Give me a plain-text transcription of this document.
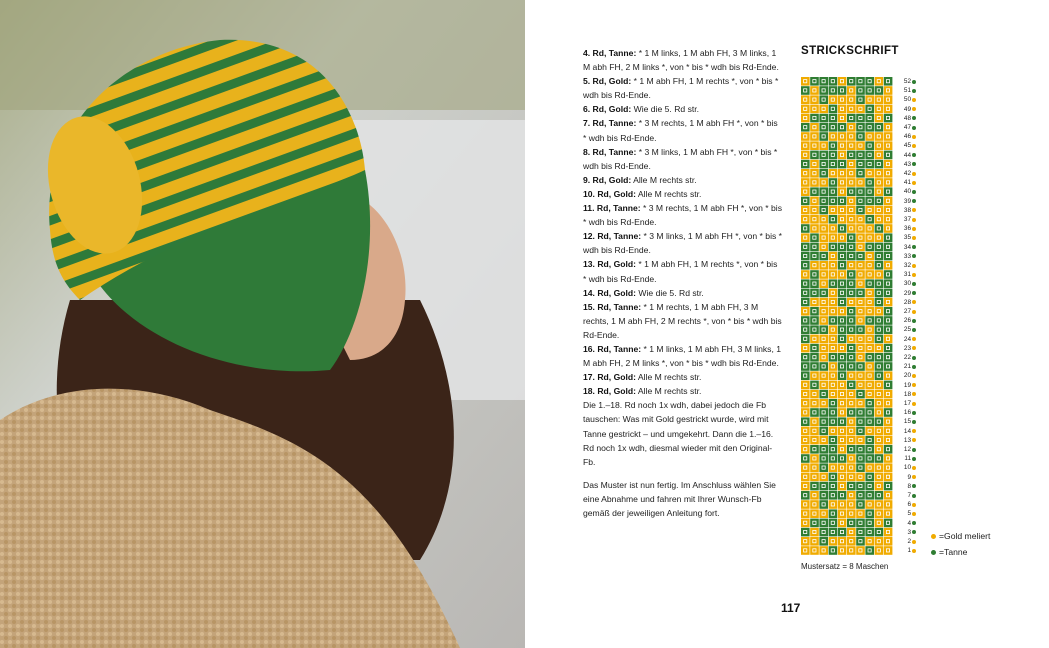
4. Rd, Tanne: * 1 M links, 1 M abh FH, 3 M links, 1 M abh FH, 2 M links *, von * bis * wdh bis Rd-Ende.
5. Rd, Gold: * 1 M abh FH, 1 M rechts *, von * bis * wdh bis Rd-Ende.
6. Rd, Gold: Wie die 5. Rd str.
7. Rd, Tanne: * 3 M rechts, 1 M abh FH *, von * bis * wdh bis Rd-Ende.
8. Rd, Tanne: * 3 M links, 1 M abh FH *, von * bis * wdh bis Rd-Ende.
9. Rd, Gold: Alle M rechts str.
10. Rd, Gold: Alle M rechts str.
11. Rd, Tanne: * 3 M rechts, 1 M abh FH *, von * bis * wdh bis Rd-Ende.
12. Rd, Tanne: * 3 M links, 1 M abh FH *, von * bis * wdh bis Rd-Ende.
13. Rd, Gold: * 1 M abh FH, 1 M rechts *, von * bis * wdh bis Rd-Ende.
14. Rd, Gold: Wie die 5. Rd str.
15. Rd, Tanne: * 1 M rechts, 1 M abh FH, 3 M rechts, 1 M abh FH, 2 M rechts *, von * bis * wdh bis Rd-Ende.
16. Rd, Tanne: * 1 M links, 1 M abh FH, 3 M links, 1 M abh FH, 2 M links *, von * bis * wdh bis Rd-Ende.
17. Rd, Gold: Alle M rechts str.
18. Rd, Gold: Alle M rechts str.
Die 1.–18. Rd noch 1x wdh, dabei jedoch die Fb tauschen: Was mit Gold gestrickt wurde, wird mit Tanne gestrickt – und umgekehrt. Dann die 1.–16. Rd noch 1x wdh, diesmal wieder mit den Original-Fb.
Das Muster ist nun fertig. Im Anschluss wählen Sie eine Abnahme und fahren mit Ihrer Wunsch-Fb gemäß der jeweiligen Anleitung fort.
STRICKSCHRIFT
52
51
50
49
48
47
46
45
44
43
42
41
40
39
38
37
36
35
34
33
32
31
30
29
28
27
26
25
24
23
22
21
20
19
18
17
16
15
14
13
12
11
10
9
8
7
6
5
4
3
2
1
=Gold meliert
=Tanne
Mustersatz = 8 Maschen
117
